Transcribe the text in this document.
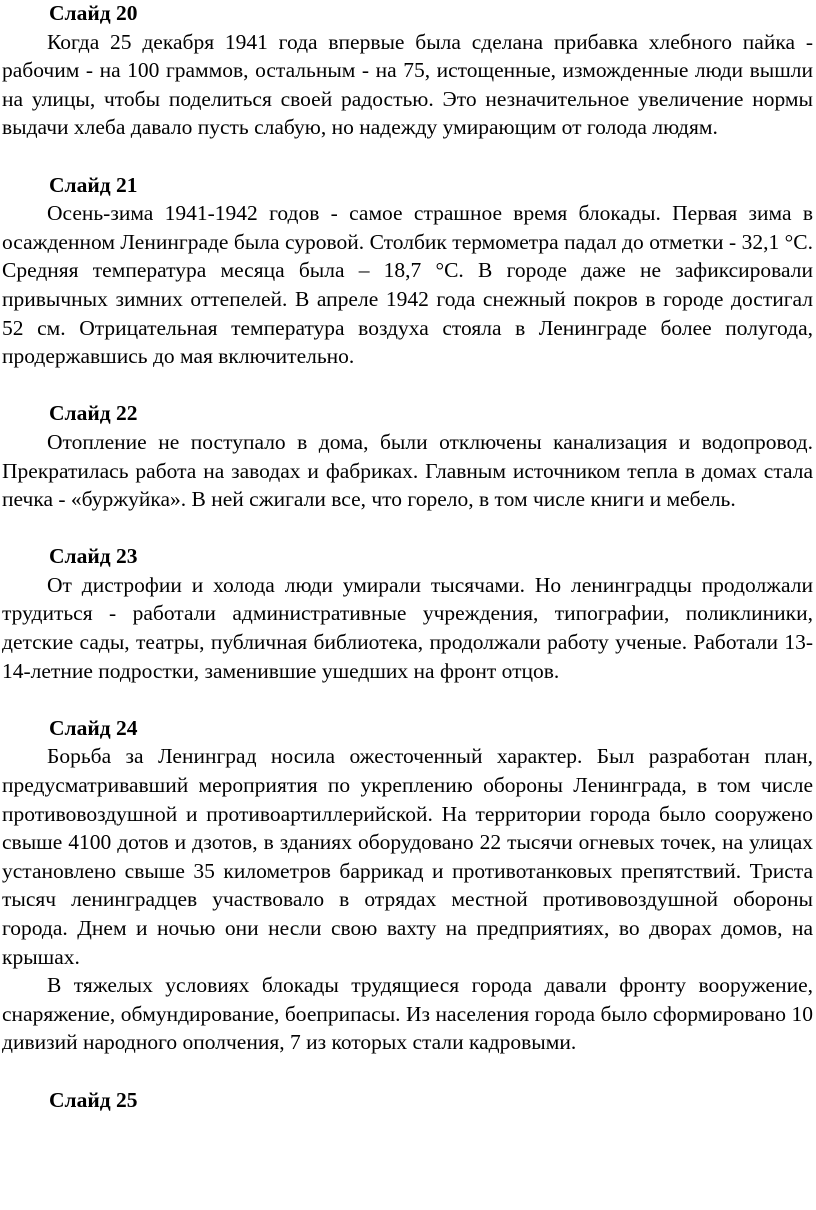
Слайд 20

Когда 25 декабря 1941 года впервые была сделана прибавка хлебного пайка - рабочим - на 100 граммов, остальным - на 75, истощенные, изможденные люди вышли на улицы, чтобы поделиться своей радостью. Это незначительное увеличение нормы выдачи хлеба давало пусть слабую, но надежду умирающим от голода людям.

Слайд 21

Осень-зима 1941-1942 годов - самое страшное время блокады. Первая зима в осажденном Ленинграде была суровой. Столбик термометра падал до отметки - 32,1 °С. Средняя температура месяца была – 18,7 °С. В городе даже не зафиксировали привычных зимних оттепелей. В апреле 1942 года снежный покров в городе достигал 52 см. Отрицательная температура воздуха стояла в Ленинграде более полугода, продержавшись до мая включительно.

Слайд 22

Отопление не поступало в дома, были отключены канализация и водопровод. Прекратилась работа на заводах и фабриках. Главным источником тепла в домах стала печка - «буржуйка». В ней сжигали все, что горело, в том числе книги и мебель.

Слайд 23

От дистрофии и холода люди умирали тысячами. Но ленинградцы продолжали трудиться - работали административные учреждения, типографии, поликлиники, детские сады, театры, публичная библиотека, продолжали работу ученые. Работали 13-14-летние подростки, заменившие ушедших на фронт отцов.

Слайд 24

Борьба за Ленинград носила ожесточенный характер. Был разработан план, предусматривавший мероприятия по укреплению обороны Ленинграда, в том числе противовоздушной и противоартиллерийской. На территории города было сооружено свыше 4100 дотов и дзотов, в зданиях оборудовано 22 тысячи огневых точек, на улицах установлено свыше 35 километров баррикад и противотанковых препятствий. Триста тысяч ленинградцев участвовало в отрядах местной противовоздушной обороны города. Днем и ночью они несли свою вахту на предприятиях, во дворах домов, на крышах.

В тяжелых условиях блокады трудящиеся города давали фронту вооружение, снаряжение, обмундирование, боеприпасы. Из населения города было сформировано 10 дивизий народного ополчения, 7 из которых стали кадровыми.

Слайд 25
